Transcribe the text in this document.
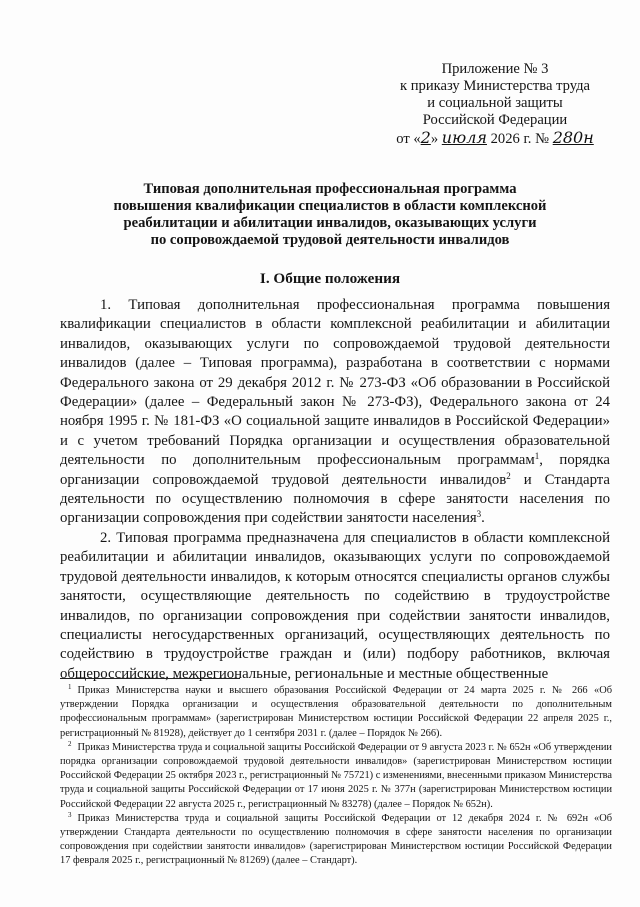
Приложение № 3
к приказу Министерства труда
и социальной защиты
Российской Федерации
от «2» июля 2026 г. № 280н
Типовая дополнительная профессиональная программа
повышения квалификации специалистов в области комплексной
реабилитации и абилитации инвалидов, оказывающих услуги
по сопровождаемой трудовой деятельности инвалидов
I. Общие положения

1. Типовая дополнительная профессиональная программа повышения квалификации специалистов в области комплексной реабилитации и абилитации инвалидов, оказывающих услуги по сопровождаемой трудовой деятельности инвалидов (далее – Типовая программа), разработана в соответствии с нормами Федерального закона от 29 декабря 2012 г. № 273-ФЗ «Об образовании в Российской Федерации» (далее – Федеральный закон № 273-ФЗ), Федерального закона от 24 ноября 1995 г. № 181-ФЗ «О социальной защите инвалидов в Российской Федерации» и с учетом требований Порядка организации и осуществления образовательной деятельности по дополнительным профессиональным программам$^1$, порядка организации сопровождаемой трудовой деятельности инвалидов$^2$ и Стандарта деятельности по осуществлению полномочия в сфере занятости населения по организации сопровождения при содействии занятости населения$^3$.

2. Типовая программа предназначена для специалистов в области комплексной реабилитации и абилитации инвалидов, оказывающих услуги по сопровождаемой трудовой деятельности инвалидов, к которым относятся специалисты органов службы занятости, осуществляющие деятельность по содействию в трудоустройстве инвалидов, по организации сопровождения при содействии занятости инвалидов, специалисты негосударственных организаций, осуществляющих деятельность по содействию в трудоустройстве граждан и (или) подбору работников, включая общероссийские, межрегиональные, региональные и местные общественные

$^1$ Приказ Министерства науки и высшего образования Российской Федерации от 24 марта 2025 г. № 266 «Об утверждении Порядка организации и осуществления образовательной деятельности по дополнительным профессиональным программам» (зарегистрирован Министерством юстиции Российской Федерации 22 апреля 2025 г., регистрационный № 81928), действует до 1 сентября 2031 г. (далее – Порядок № 266).

$^2$ Приказ Министерства труда и социальной защиты Российской Федерации от 9 августа 2023 г. № 652н «Об утверждении порядка организации сопровождаемой трудовой деятельности инвалидов» (зарегистрирован Министерством юстиции Российской Федерации 25 октября 2023 г., регистрационный № 75721) с изменениями, внесенными приказом Министерства труда и социальной защиты Российской Федерации от 17 июня 2025 г. № 377н (зарегистрирован Министерством юстиции Российской Федерации 22 августа 2025 г., регистрационный № 83278) (далее – Порядок № 652н).

$^3$ Приказ Министерства труда и социальной защиты Российской Федерации от 12 декабря 2024 г. № 692н «Об утверждении Стандарта деятельности по осуществлению полномочия в сфере занятости населения по организации сопровождения при содействии занятости инвалидов» (зарегистрирован Министерством юстиции Российской Федерации 17 февраля 2025 г., регистрационный № 81269) (далее – Стандарт).
